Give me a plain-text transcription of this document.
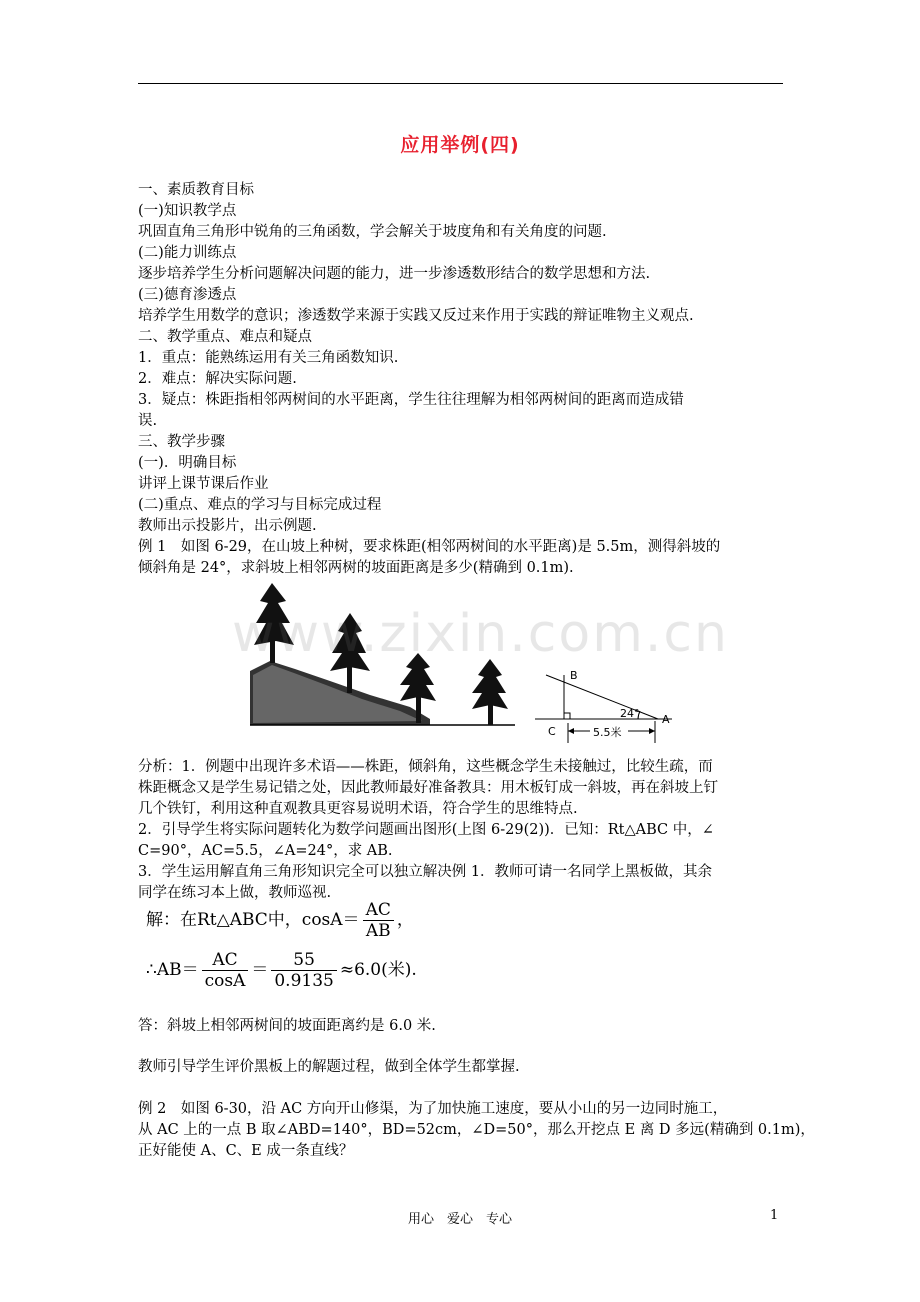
应用举例(四)
一、素质教育目标
(一)知识教学点
巩固直角三角形中锐角的三角函数，学会解关于坡度角和有关角度的问题.
(二)能力训练点
逐步培养学生分析问题解决问题的能力，进一步渗透数形结合的数学思想和方法.
(三)德育渗透点
培养学生用数学的意识；渗透数学来源于实践又反过来作用于实践的辩证唯物主义观点.
二、教学重点、难点和疑点
1．重点：能熟练运用有关三角函数知识.
2．难点：解决实际问题.
3．疑点：株距指相邻两树间的水平距离，学生往往理解为相邻两树间的距离而造成错
误.
三、教学步骤
(一)．明确目标
讲评上课节课后作业
(二)重点、难点的学习与目标完成过程
教师出示投影片，出示例题.
例 1　如图 6-29，在山坡上种树，要求株距(相邻两树间的水平距离)是 5.5m，测得斜坡的
倾斜角是 24°，求斜坡上相邻两树的坡面距离是多少(精确到 0.1m).
B
C
A
24°
5.5米
www.zixin.com.cn
分析：1．例题中出现许多术语——株距，倾斜角，这些概念学生未接触过，比较生疏，而
株距概念又是学生易记错之处，因此教师最好准备教具：用木板钉成一斜坡，再在斜坡上钉
几个铁钉，利用这种直观教具更容易说明术语，符合学生的思维特点.
2．引导学生将实际问题转化为数学问题画出图形(上图 6-29(2))．已知：Rt△ABC 中，∠
C=90°，AC=5.5，∠A=24°，求 AB.
3．学生运用解直角三角形知识完全可以独立解决例 1．教师可请一名同学上黑板做，其余
同学在练习本上做，教师巡视.
解：在Rt△ABC中，$\cos A= \frac{AC}{AB}$ ，
∴AB＝ $\frac{AC}{\cos A} = \frac{55}{0.9135} \approx 6.0$(米).
答：斜坡上相邻两树间的坡面距离约是 6.0 米.
教师引导学生评价黑板上的解题过程，做到全体学生都掌握.
例 2　如图 6-30，沿 AC 方向开山修渠，为了加快施工速度，要从小山的另一边同时施工，
从 AC 上的一点 B 取∠ABD=140°，BD=52cm，∠D=50°，那么开挖点 E 离 D 多远(精确到 0.1m)，
正好能使 A、C、E 成一条直线？
用心　爱心　专心	1
